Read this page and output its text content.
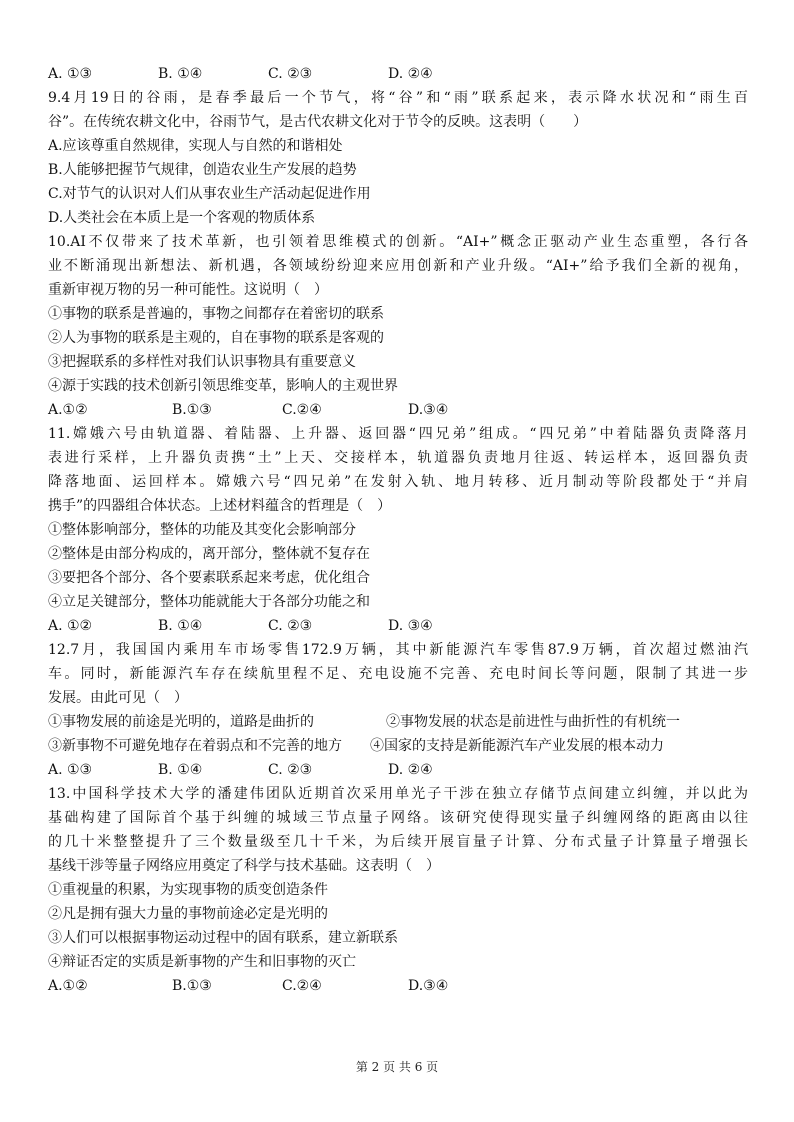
A. ①③	B. ①④	C. ②③	D. ②④
9.4月19日的谷雨，是春季最后一个节气，将“谷”和“雨”联系起来，表示降水状况和“雨生百
谷”。在传统农耕文化中，谷雨节气，是古代农耕文化对于节令的反映。这表明（　　）
A.应该尊重自然规律，实现人与自然的和谐相处
B.人能够把握节气规律，创造农业生产发展的趋势
C.对节气的认识对人们从事农业生产活动起促进作用
D.人类社会在本质上是一个客观的物质体系
10.AI不仅带来了技术革新，也引领着思维模式的创新。“AI+”概念正驱动产业生态重塑，各行各
业不断涌现出新想法、新机遇，各领域纷纷迎来应用创新和产业升级。“AI+”给予我们全新的视角，
重新审视万物的另一种可能性。这说明（　）
①事物的联系是普遍的，事物之间都存在着密切的联系
②人为事物的联系是主观的，自在事物的联系是客观的
③把握联系的多样性对我们认识事物具有重要意义
④源于实践的技术创新引领思维变革，影响人的主观世界
A.①②	B.①③	C.②④	D.③④
11.嫦娥六号由轨道器、着陆器、上升器、返回器“四兄弟”组成。“四兄弟”中着陆器负责降落月
表进行采样，上升器负责携“土”上天、交接样本，轨道器负责地月往返、转运样本，返回器负责
降落地面、运回样本。嫦娥六号“四兄弟”在发射入轨、地月转移、近月制动等阶段都处于“并肩
携手”的四器组合体状态。上述材料蕴含的哲理是（　）
①整体影响部分，整体的功能及其变化会影响部分
②整体是由部分构成的，离开部分，整体就不复存在
③要把各个部分、各个要素联系起来考虑，优化组合
④立足关键部分，整体功能就能大于各部分功能之和
A. ①②	B. ①④	C. ②③	D. ③④
12.7月，我国国内乘用车市场零售172.9万辆，其中新能源汽车零售87.9万辆，首次超过燃油汽
车。同时，新能源汽车存在续航里程不足、充电设施不完善、充电时间长等问题，限制了其进一步
发展。由此可见（　）
①事物发展的前途是光明的，道路是曲折的	②事物发展的状态是前进性与曲折性的有机统一
③新事物不可避免地存在着弱点和不完善的地方	④国家的支持是新能源汽车产业发展的根本动力
A. ①③	B. ①④	C. ②③	D. ②④
13.中国科学技术大学的潘建伟团队近期首次采用单光子干涉在独立存储节点间建立纠缠，并以此为
基础构建了国际首个基于纠缠的城域三节点量子网络。该研究使得现实量子纠缠网络的距离由以往
的几十米整整提升了三个数量级至几十千米，为后续开展盲量子计算、分布式量子计算量子增强长
基线干涉等量子网络应用奠定了科学与技术基础。这表明（　）
①重视量的积累，为实现事物的质变创造条件
②凡是拥有强大力量的事物前途必定是光明的
③人们可以根据事物运动过程中的固有联系，建立新联系
④辩证否定的实质是新事物的产生和旧事物的灭亡
A.①②	B.①③	C.②④	D.③④
第 2 页 共 6 页
